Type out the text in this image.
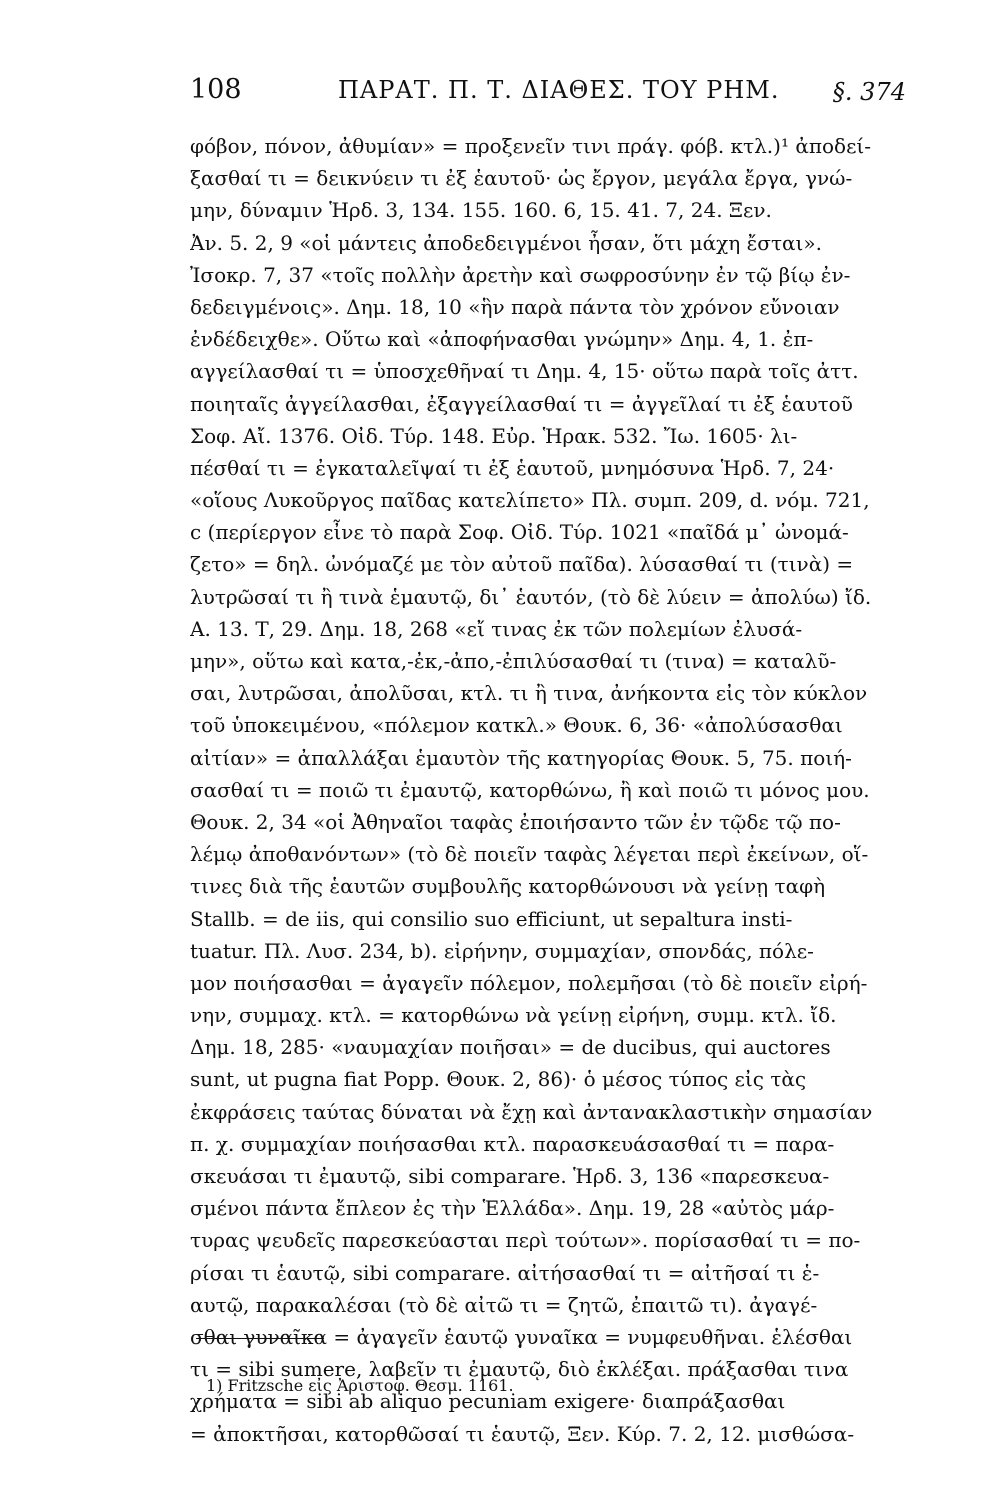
108	ΠΑΡΑΤ. Π. Τ. ΔΙΑΘΕΣ. ΤΟΥ ΡΗΜ. §. 374
φόβον, πόνον, ἀθυμίαν» = προξενεῖν τινι πράγ. φόβ. κτλ.)¹ ἀποδεί-
ξασθαί τι = δεικνύειν τι ἐξ ἑαυτοῦ· ὡς ἔργον, μεγάλα ἔργα, γνώ-
μην, δύναμιν Ἡρδ. 3, 134. 155. 160. 6, 15. 41. 7, 24. Ξεν.
Ἀν. 5. 2, 9 «οἱ μάντεις ἀποδεδειγμένοι ἦσαν, ὅτι μάχη ἔσται».
Ἰσοκρ. 7, 37 «τοῖς πολλὴν ἀρετὴν καὶ σωφροσύνην ἐν τῷ βίῳ ἐν-
δεδειγμένοις». Δημ. 18, 10 «ἣν παρὰ πάντα τὸν χρόνον εὔνοιαν
ἐνδέδειχθε». Οὕτω καὶ «ἀποφήνασθαι γνώμην» Δημ. 4, 1. ἐπ-
αγγείλασθαί τι = ὑποσχεθῆναί τι Δημ. 4, 15· οὕτω παρὰ τοῖς ἀττ.
ποιηταῖς ἀγγείλασθαι, ἐξαγγείλασθαί τι = ἀγγεῖλαί τι ἐξ ἑαυτοῦ
Σοφ. Αἴ. 1376. Οἰδ. Τύρ. 148. Εὐρ. Ἡρακ. 532. Ἴω. 1605· λι-
πέσθαί τι = ἐγκαταλεῖψαί τι ἐξ ἑαυτοῦ, μνημόσυνα Ἡρδ. 7, 24·
«οἵους Λυκοῦργος παῖδας κατελίπετο» Πλ. συμπ. 209, d. νόμ. 721,
c (περίεργον εἶνε τὸ παρὰ Σοφ. Οἰδ. Τύρ. 1021 «παῖδά μ᾽ ὠνομά-
ζετο» = δηλ. ὠνόμαζέ με τὸν αὐτοῦ παῖδα). λύσασθαί τι (τινὰ) =
λυτρῶσαί τι ἢ τινὰ ἑμαυτῷ, δι᾽ ἑαυτόν, (τὸ δὲ λύειν = ἀπολύω) ἴδ.
Α. 13. Τ, 29. Δημ. 18, 268 «εἴ τινας ἐκ τῶν πολεμίων ἐλυσά-
μην», οὕτω καὶ κατα,-ἐκ,-ἀπο,-ἐπιλύσασθαί τι (τινα) = καταλῦ-
σαι, λυτρῶσαι, ἀπολῦσαι, κτλ. τι ἢ τινα, ἀνήκοντα εἰς τὸν κύκλον
τοῦ ὑποκειμένου, «πόλεμον κατκλ.» Θουκ. 6, 36· «ἀπολύσασθαι
αἰτίαν» = ἀπαλλάξαι ἑμαυτὸν τῆς κατηγορίας Θουκ. 5, 75. ποιή-
σασθαί τι = ποιῶ τι ἐμαυτῷ, κατορθώνω, ἢ καὶ ποιῶ τι μόνος μου.
Θουκ. 2, 34 «οἱ Ἀθηναῖοι ταφὰς ἐποιήσαντο τῶν ἐν τῷδε τῷ πο-
λέμῳ ἀποθανόντων» (τὸ δὲ ποιεῖν ταφὰς λέγεται περὶ ἐκείνων, οἵ-
τινες διὰ τῆς ἑαυτῶν συμβουλῆς κατορθώνουσι νὰ γείνῃ ταφὴ
Stallb. = de iis, qui consilio suo efficiunt, ut sepaltura insti-
tuatur. Πλ. Λυσ. 234, b). εἰρήνην, συμμαχίαν, σπονδάς, πόλε-
μον ποιήσασθαι = ἀγαγεῖν πόλεμον, πολεμῆσαι (τὸ δὲ ποιεῖν εἰρή-
νην, συμμαχ. κτλ. = κατορθώνω νὰ γείνῃ εἰρήνη, συμμ. κτλ. ἴδ.
Δημ. 18, 285· «ναυμαχίαν ποιῆσαι» = de ducibus, qui auctores
sunt, ut pugna fiat Popp. Θουκ. 2, 86)· ὁ μέσος τύπος εἰς τὰς
ἐκφράσεις ταύτας δύναται νὰ ἔχῃ καὶ ἀντανακλαστικὴν σημασίαν
π. χ. συμμαχίαν ποιήσασθαι κτλ. παρασκευάσασθαί τι = παρα-
σκευάσαι τι ἐμαυτῷ, sibi comparare. Ἡρδ. 3, 136 «παρεσκευα-
σμένοι πάντα ἔπλεον ἐς τὴν Ἑλλάδα». Δημ. 19, 28 «αὐτὸς μάρ-
τυρας ψευδεῖς παρεσκεύασται περὶ τούτων». πορίσασθαί τι = πο-
ρίσαι τι ἑαυτῷ, sibi comparare. αἰτήσασθαί τι = αἰτῆσαί τι ἑ-
αυτῷ, παρακαλέσαι (τὸ δὲ αἰτῶ τι = ζητῶ, ἐπαιτῶ τι). ἀγαγέ-
σθαι γυναῖκα = ἀγαγεῖν ἑαυτῷ γυναῖκα = νυμφευθῆναι. ἑλέσθαι
τι = sibi sumere, λαβεῖν τι ἐμαυτῷ, διὸ ἐκλέξαι. πράξασθαι τινα
χρήματα = sibi ab aliquo pecuniam exigere· διαπράξασθαι
= ἀποκτῆσαι, κατορθῶσαί τι ἑαυτῷ, Ξεν. Κύρ. 7. 2, 12. μισθώσα-
1) Fritzsche εἰς Ἀριστοφ. Θεσμ. 1161.
